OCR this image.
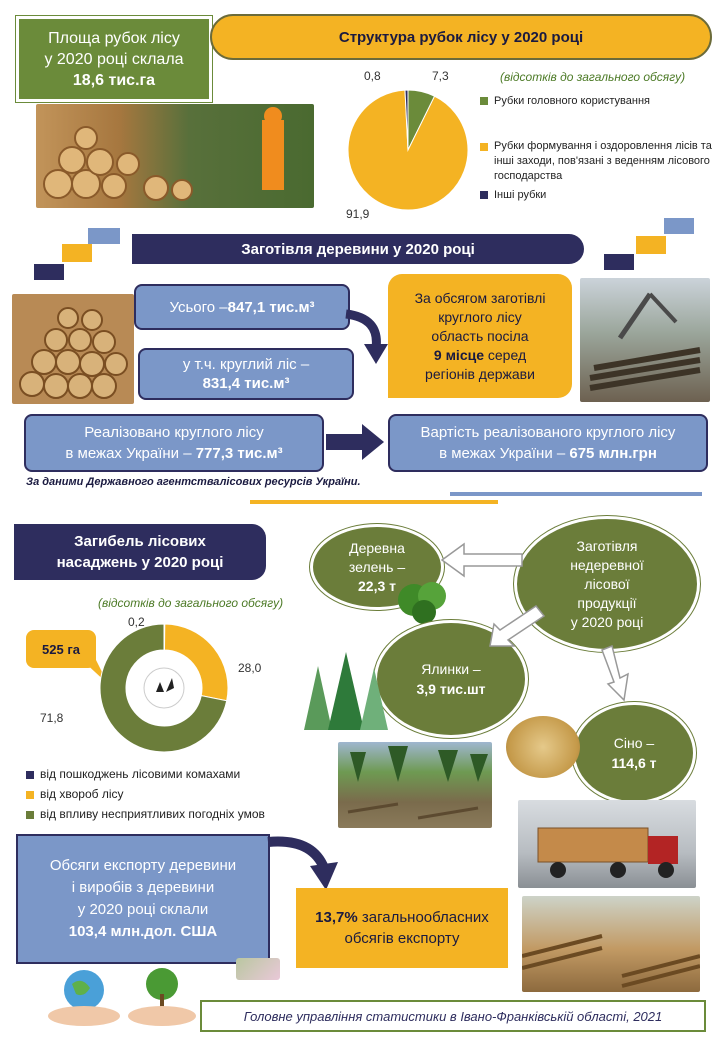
Площа рубок лісу
у 2020 році склала
18,6 тис.га
Структура рубок лісу у 2020 році
0,8	7,3
91,9
(відсотків до загального обсягу)
Рубки головного користування
Рубки формування і оздоровлення лісів та інші заходи, пов'язані з веденням лісового господарства
Інші рубки
Заготівля деревини у 2020 році
Усього – 847,1 тис.м³
у т.ч. круглий ліс –
831,4 тис.м³
За обсягом заготівлі
круглого лісу
область посіла
9 місце серед
регіонів держави
Реалізовано круглого лісу
в межах України – 777,3 тис.м³
Вартість реалізованого круглого лісу
в межах України – 675 млн.грн
За даними Державного агентствалісових ресурсів України.
Загибель лісових
насаджень у 2020 році
(відсотків до загального обсягу)
525 га
0,2
28,0
71,8
від пошкоджень лісовими комахами
від хвороб лісу
від впливу несприятливих погодніх умов
Заготівля
недеревної
лісової
продукції
у 2020 році
Деревна
зелень –
22,3 т
Ялинки –
3,9 тис.шт
Сіно –
114,6 т
Обсяги експорту деревини
і виробів з деревини
у 2020 році склали
103,4 млн.дол. США
13,7% загальнообласних
обсягів експорту
Головне управління статистики в Івано-Франківській області, 2021
